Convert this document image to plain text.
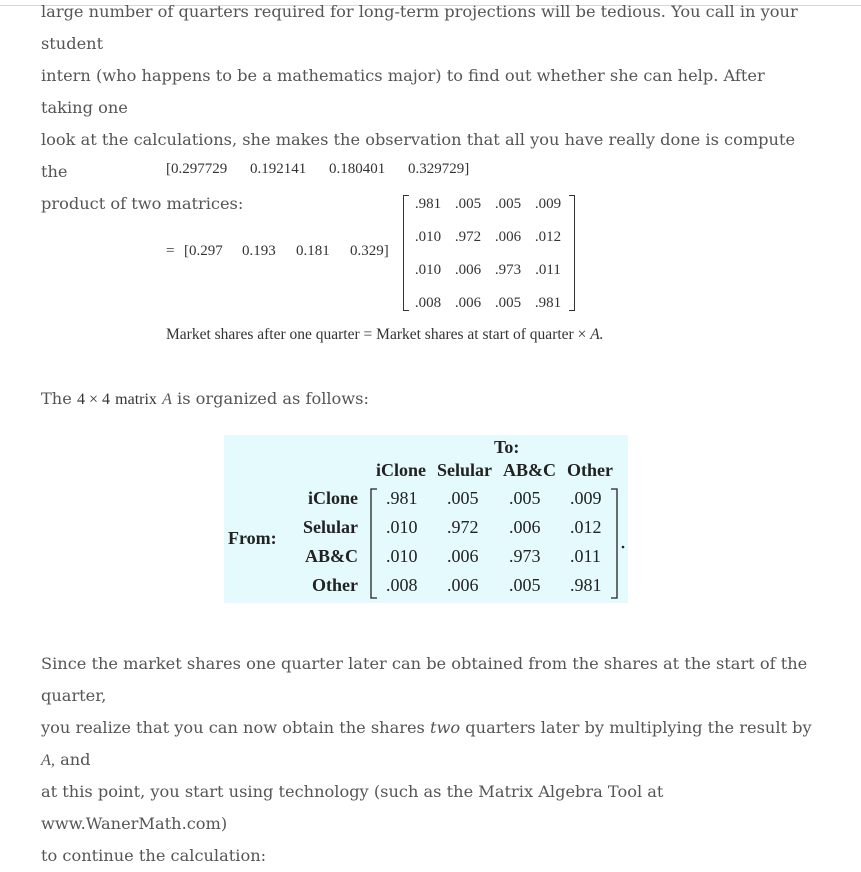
large number of quarters required for long-term projections will be tedious. You call in your student
intern (who happens to be a mathematics major) to find out whether she can help. After taking one
look at the calculations, she makes the observation that all you have really done is compute the
product of two matrices:
[0.297729 0.192141 0.180401 0.329729]
= [0.297 0.193 0.181 0.329]
.981 .005 .005 .009
.010 .972 .006 .012
.010 .006 .973 .011
.008 .006 .005 .981
Market shares after one quarter = Market shares at start of quarter × A.
The 4 × 4 matrix A is organized as follows:
To:
From:
iClone Selular AB&C Other
iClone
Selular
AB&C
Other
.981 .005 .005 .009
.010 .972 .006 .012
.010 .006 .973 .011
.008 .006 .005 .981
Since the market shares one quarter later can be obtained from the shares at the start of the quarter,
you realize that you can now obtain the shares two quarters later by multiplying the result by A, and
at this point, you start using technology (such as the Matrix Algebra Tool at www.WanerMath.com)
to continue the calculation:
